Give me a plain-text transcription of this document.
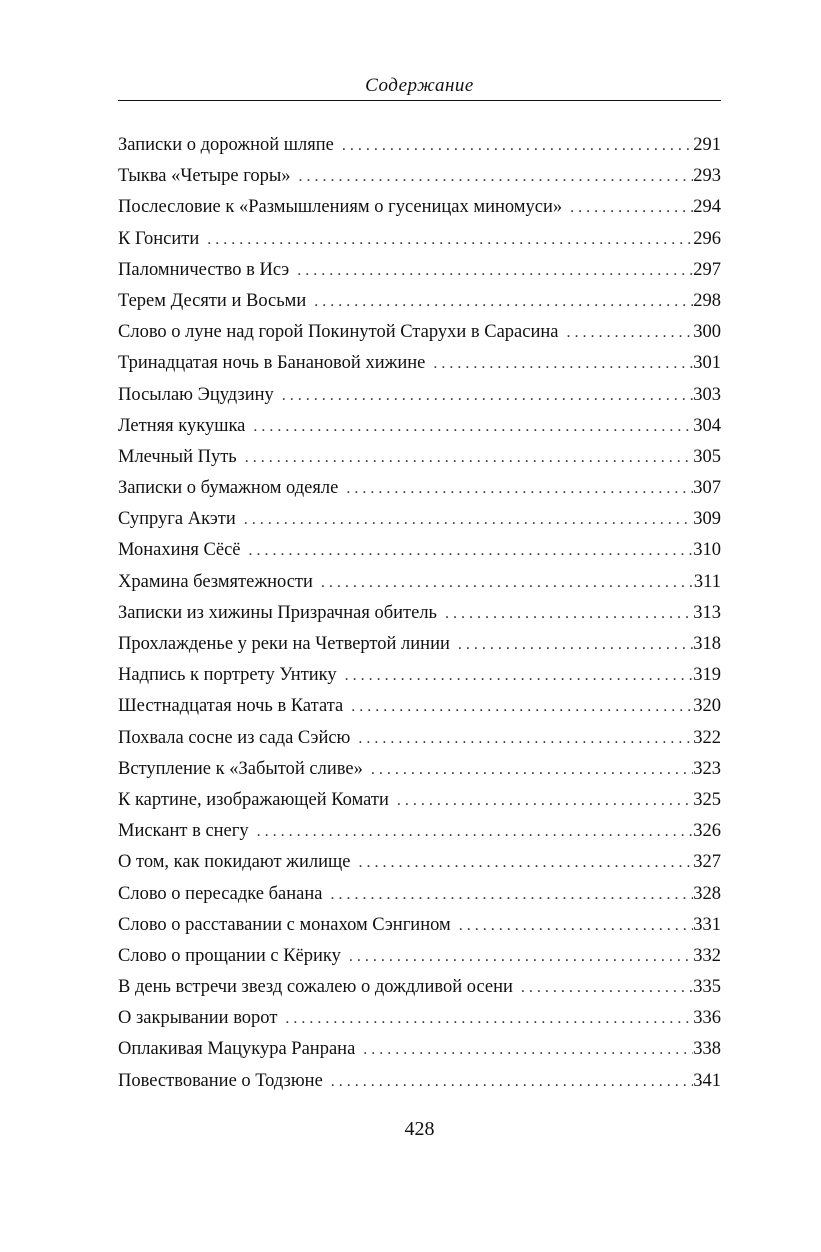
Содержание
Записки о дорожной шляпе . . .	291
Тыква «Четыре горы» . . .	293
Послесловие к «Размышлениям о гусеницах миномуси» . . .	294
К Гонсити . . .	296
Паломничество в Исэ . . .	297
Терем Десяти и Восьми . . .	298
Слово о луне над горой Покинутой Старухи в Сарасина . . .	300
Тринадцатая ночь в Банановой хижине . . .	301
Посылаю Эцудзину . . .	303
Летняя кукушка . . .	304
Млечный Путь . . .	305
Записки о бумажном одеяле . . .	307
Супруга Акэти . . .	309
Монахиня Сёсё . . .	310
Храмина безмятежности . . .	311
Записки из хижины Призрачная обитель . . .	313
Прохлажденье у реки на Четвертой линии . . .	318
Надпись к портрету Унтику . . .	319
Шестнадцатая ночь в Катата . . .	320
Похвала сосне из сада Сэйсю . . .	322
Вступление к «Забытой сливе» . . .	323
К картине, изображающей Комати . . .	325
Мискант в снегу . . .	326
О том, как покидают жилище . . .	327
Слово о пересадке банана . . .	328
Слово о расставании с монахом Сэнгином . . .	331
Слово о прощании с Кёрику . . .	332
В день встречи звезд сожалею о дождливой осени . . .	335
О закрывании ворот . . .	336
Оплакивая Мацукура Ранрана . . .	338
Повествование о Тодзюне . . .	341
428
